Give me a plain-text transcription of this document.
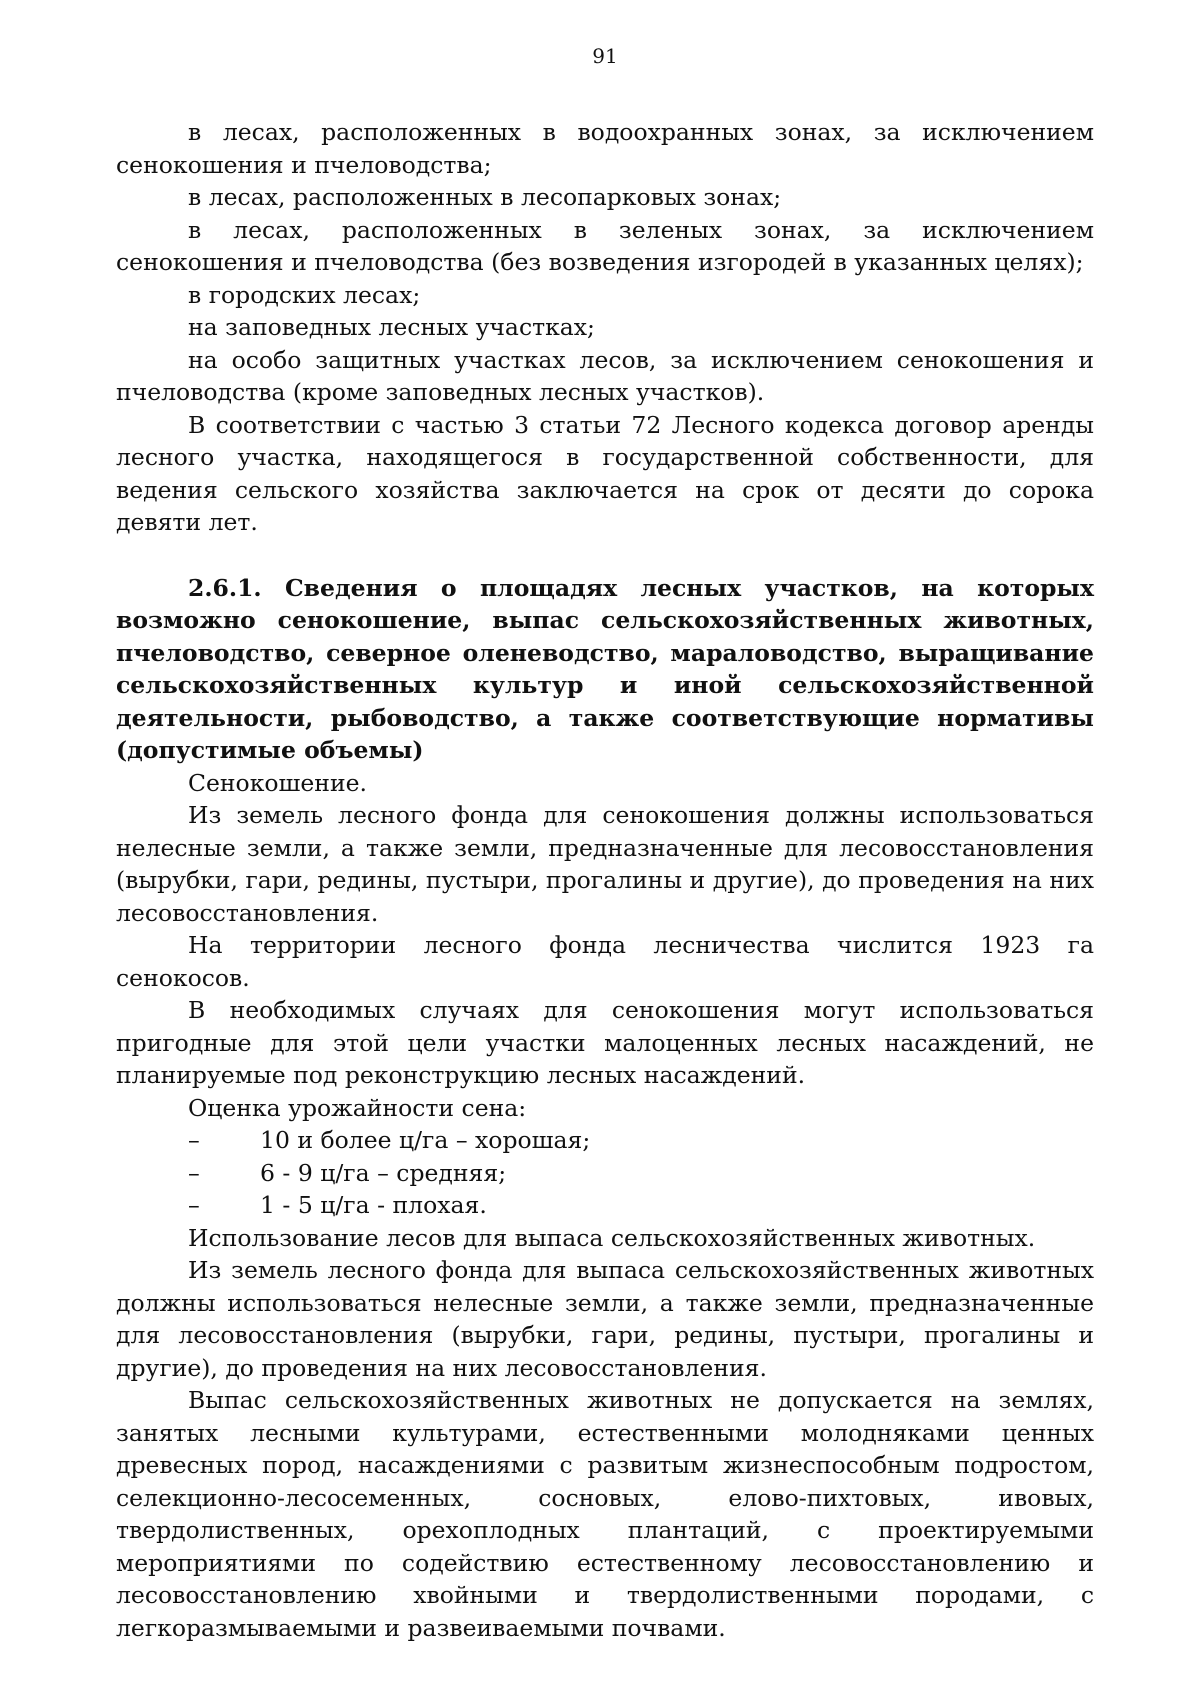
91

в лесах, расположенных в водоохранных зонах, за исключением сенокошения и пчеловодства;

в лесах, расположенных в лесопарковых зонах;

в лесах, расположенных в зеленых зонах, за исключением сенокошения и пчеловодства (без возведения изгородей в указанных целях);

в городских лесах;

на заповедных лесных участках;

на особо защитных участках лесов, за исключением сенокошения и пчеловодства (кроме заповедных лесных участков).

В соответствии с частью 3 статьи 72 Лесного кодекса договор аренды лесного участка, находящегося в государственной собственности, для ведения сельского хозяйства заключается на срок от десяти до сорока девяти лет.

2.6.1. Сведения о площадях лесных участков, на которых возможно сенокошение, выпас сельскохозяйственных животных, пчеловодство, северное оленеводство, мараловодство, выращивание сельскохозяйственных культур и иной сельскохозяйственной деятельности, рыбоводство, а также соответствующие нормативы (допустимые объемы)

Сенокошение.

Из земель лесного фонда для сенокошения должны использоваться нелесные земли, а также земли, предназначенные для лесовосстановления (вырубки, гари, редины, пустыри, прогалины и другие), до проведения на них лесовосстановления.

На территории лесного фонда лесничества числится 1923 га сенокосов.

В необходимых случаях для сенокошения могут использоваться пригодные для этой цели участки малоценных лесных насаждений, не планируемые под реконструкцию лесных насаждений.

Оценка урожайности сена:

–	10 и более ц/га – хорошая;
–	6 - 9 ц/га – средняя;
–	1 - 5 ц/га - плохая.

Использование лесов для выпаса сельскохозяйственных животных.

Из земель лесного фонда для выпаса сельскохозяйственных животных должны использоваться нелесные земли, а также земли, предназначенные для лесовосстановления (вырубки, гари, редины, пустыри, прогалины и другие), до проведения на них лесовосстановления.

Выпас сельскохозяйственных животных не допускается на землях, занятых лесными культурами, естественными молодняками ценных древесных пород, насаждениями с развитым жизнеспособным подростом, селекционно-лесосеменных, сосновых, елово-пихтовых, ивовых, твердолиственных, орехоплодных плантаций, с проектируемыми мероприятиями по содействию естественному лесовосстановлению и лесовосстановлению хвойными и твердолиственными породами, с легкоразмываемыми и развеиваемыми почвами.
